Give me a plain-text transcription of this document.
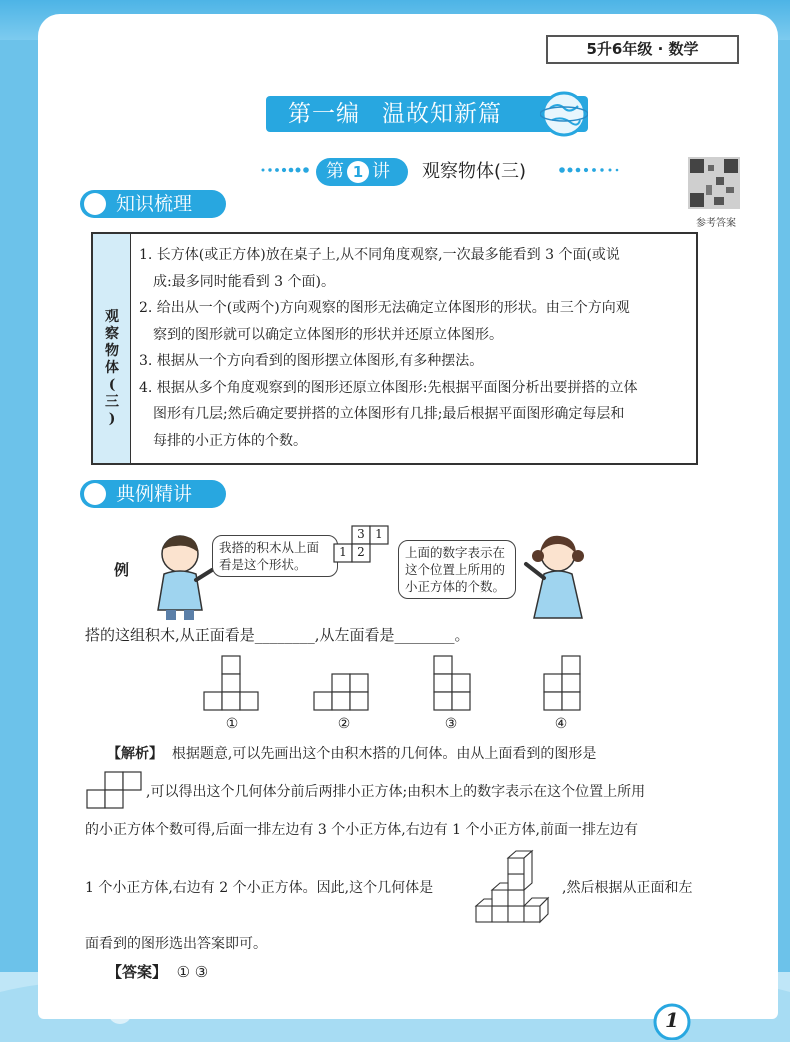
5升6年级 · 数学
第一编 温故知新篇
第 1 讲	观察物体(三)
参考答案
知识梳理
观
察
物
体
(
三
)
1. 长方体(或正方体)放在桌子上,从不同角度观察,一次最多能看到 3 个面(或说
成:最多同时能看到 3 个面)。
2. 给出从一个(或两个)方向观察的图形无法确定立体图形的形状。由三个方向观
察到的图形就可以确定立体图形的形状并还原立体图形。
3. 根据从一个方向看到的图形摆立体图形,有多种摆法。
4. 根据从多个角度观察到的图形还原立体图形:先根据平面图分析出要拼搭的立体
图形有几层;然后确定要拼搭的立体图形有几排;最后根据平面图形确定每层和
每排的小正方体的个数。
典例精讲
例
我搭的积木从上面
看是这个形状。
3 1
1 2	上面的数字表示在
这个位置上所用的
小正方体的个数。
搭的这组积木,从正面看是________,从左面看是________。
①	②	③	④
【解析】 根据题意,可以先画出这个由积木搭的几何体。由从上面看到的图形是
,可以得出这个几何体分前后两排小正方体;由积木上的数字表示在这个位置上所用
的小正方体个数可得,后面一排左边有 3 个小正方体,右边有 1 个小正方体,前面一排左边有
1 个小正方体,右边有 2 个小正方体。因此,这个几何体是	,然后根据从正面和左
面看到的图形选出答案即可。
【答案】 ① ③
1
